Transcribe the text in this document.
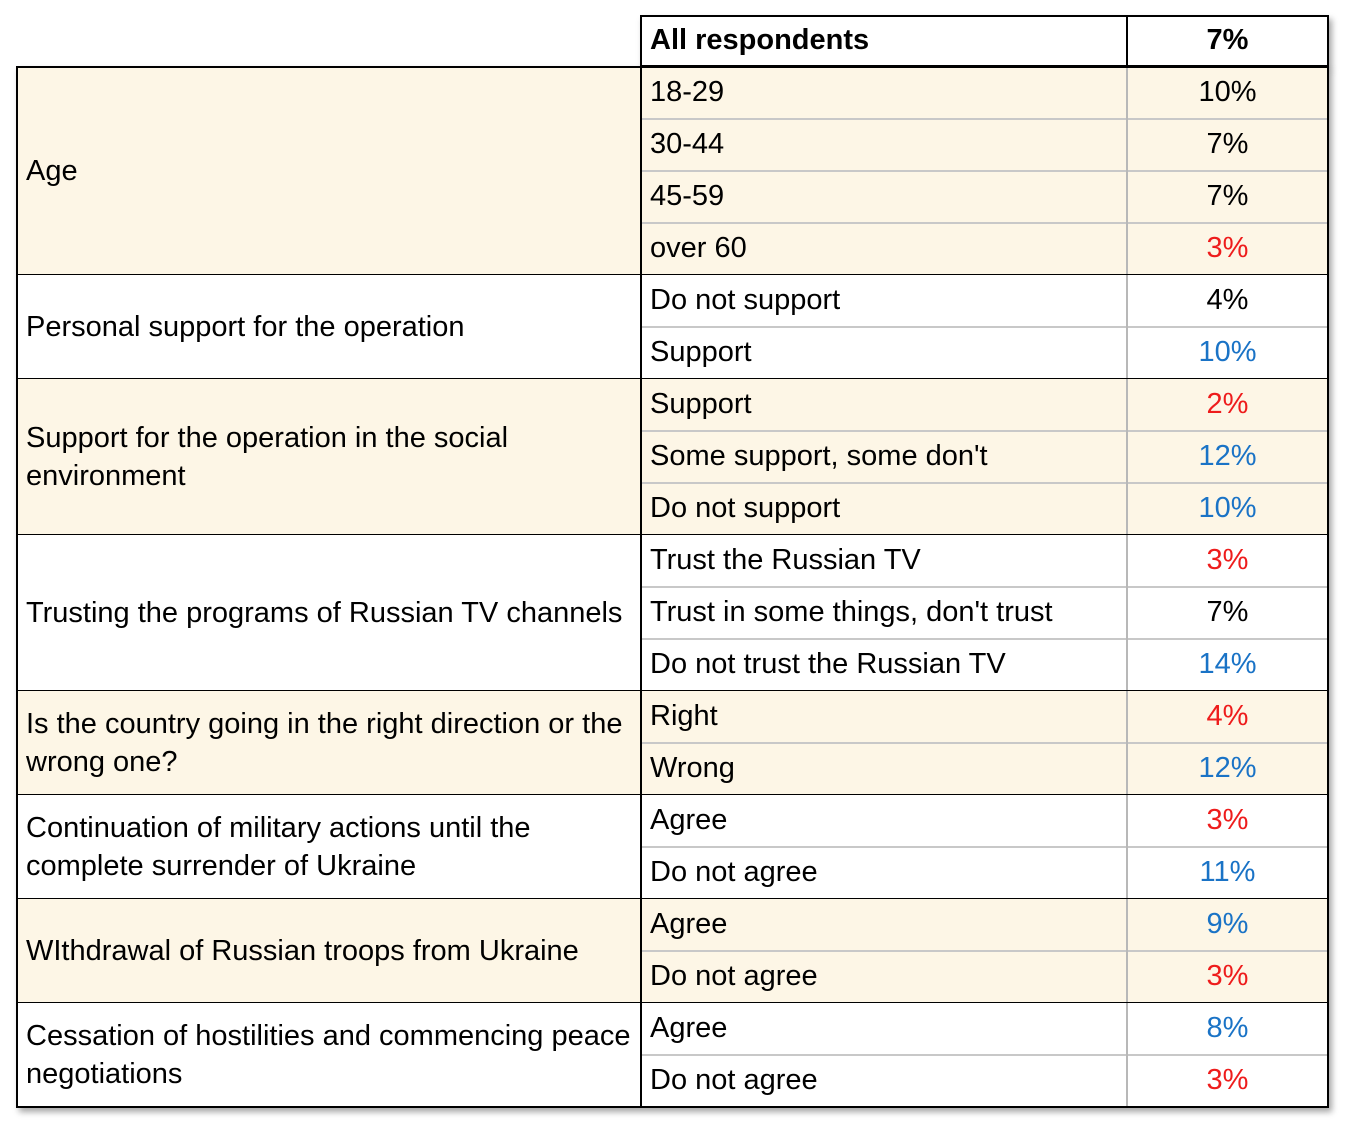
All respondents	7%
Age
18-29	10%
30-44	7%
45-59	7%
over 60	3%
Personal support for the operation
Do not support	4%
Support	10%
Support for the operation in the social environment
Support	2%
Some support, some don't	12%
Do not support	10%
Trusting the programs of Russian TV channels
Trust the Russian TV	3%
Trust in some things, don't trust	7%
Do not trust the Russian TV	14%
Is the country going in the right direction or the wrong one?
Right	4%
Wrong	12%
Continuation of military actions until the complete surrender of Ukraine
Agree	3%
Do not agree	11%
WIthdrawal of Russian troops from Ukraine
Agree	9%
Do not agree	3%
Cessation of hostilities and commencing peace negotiations
Agree	8%
Do not agree	3%
